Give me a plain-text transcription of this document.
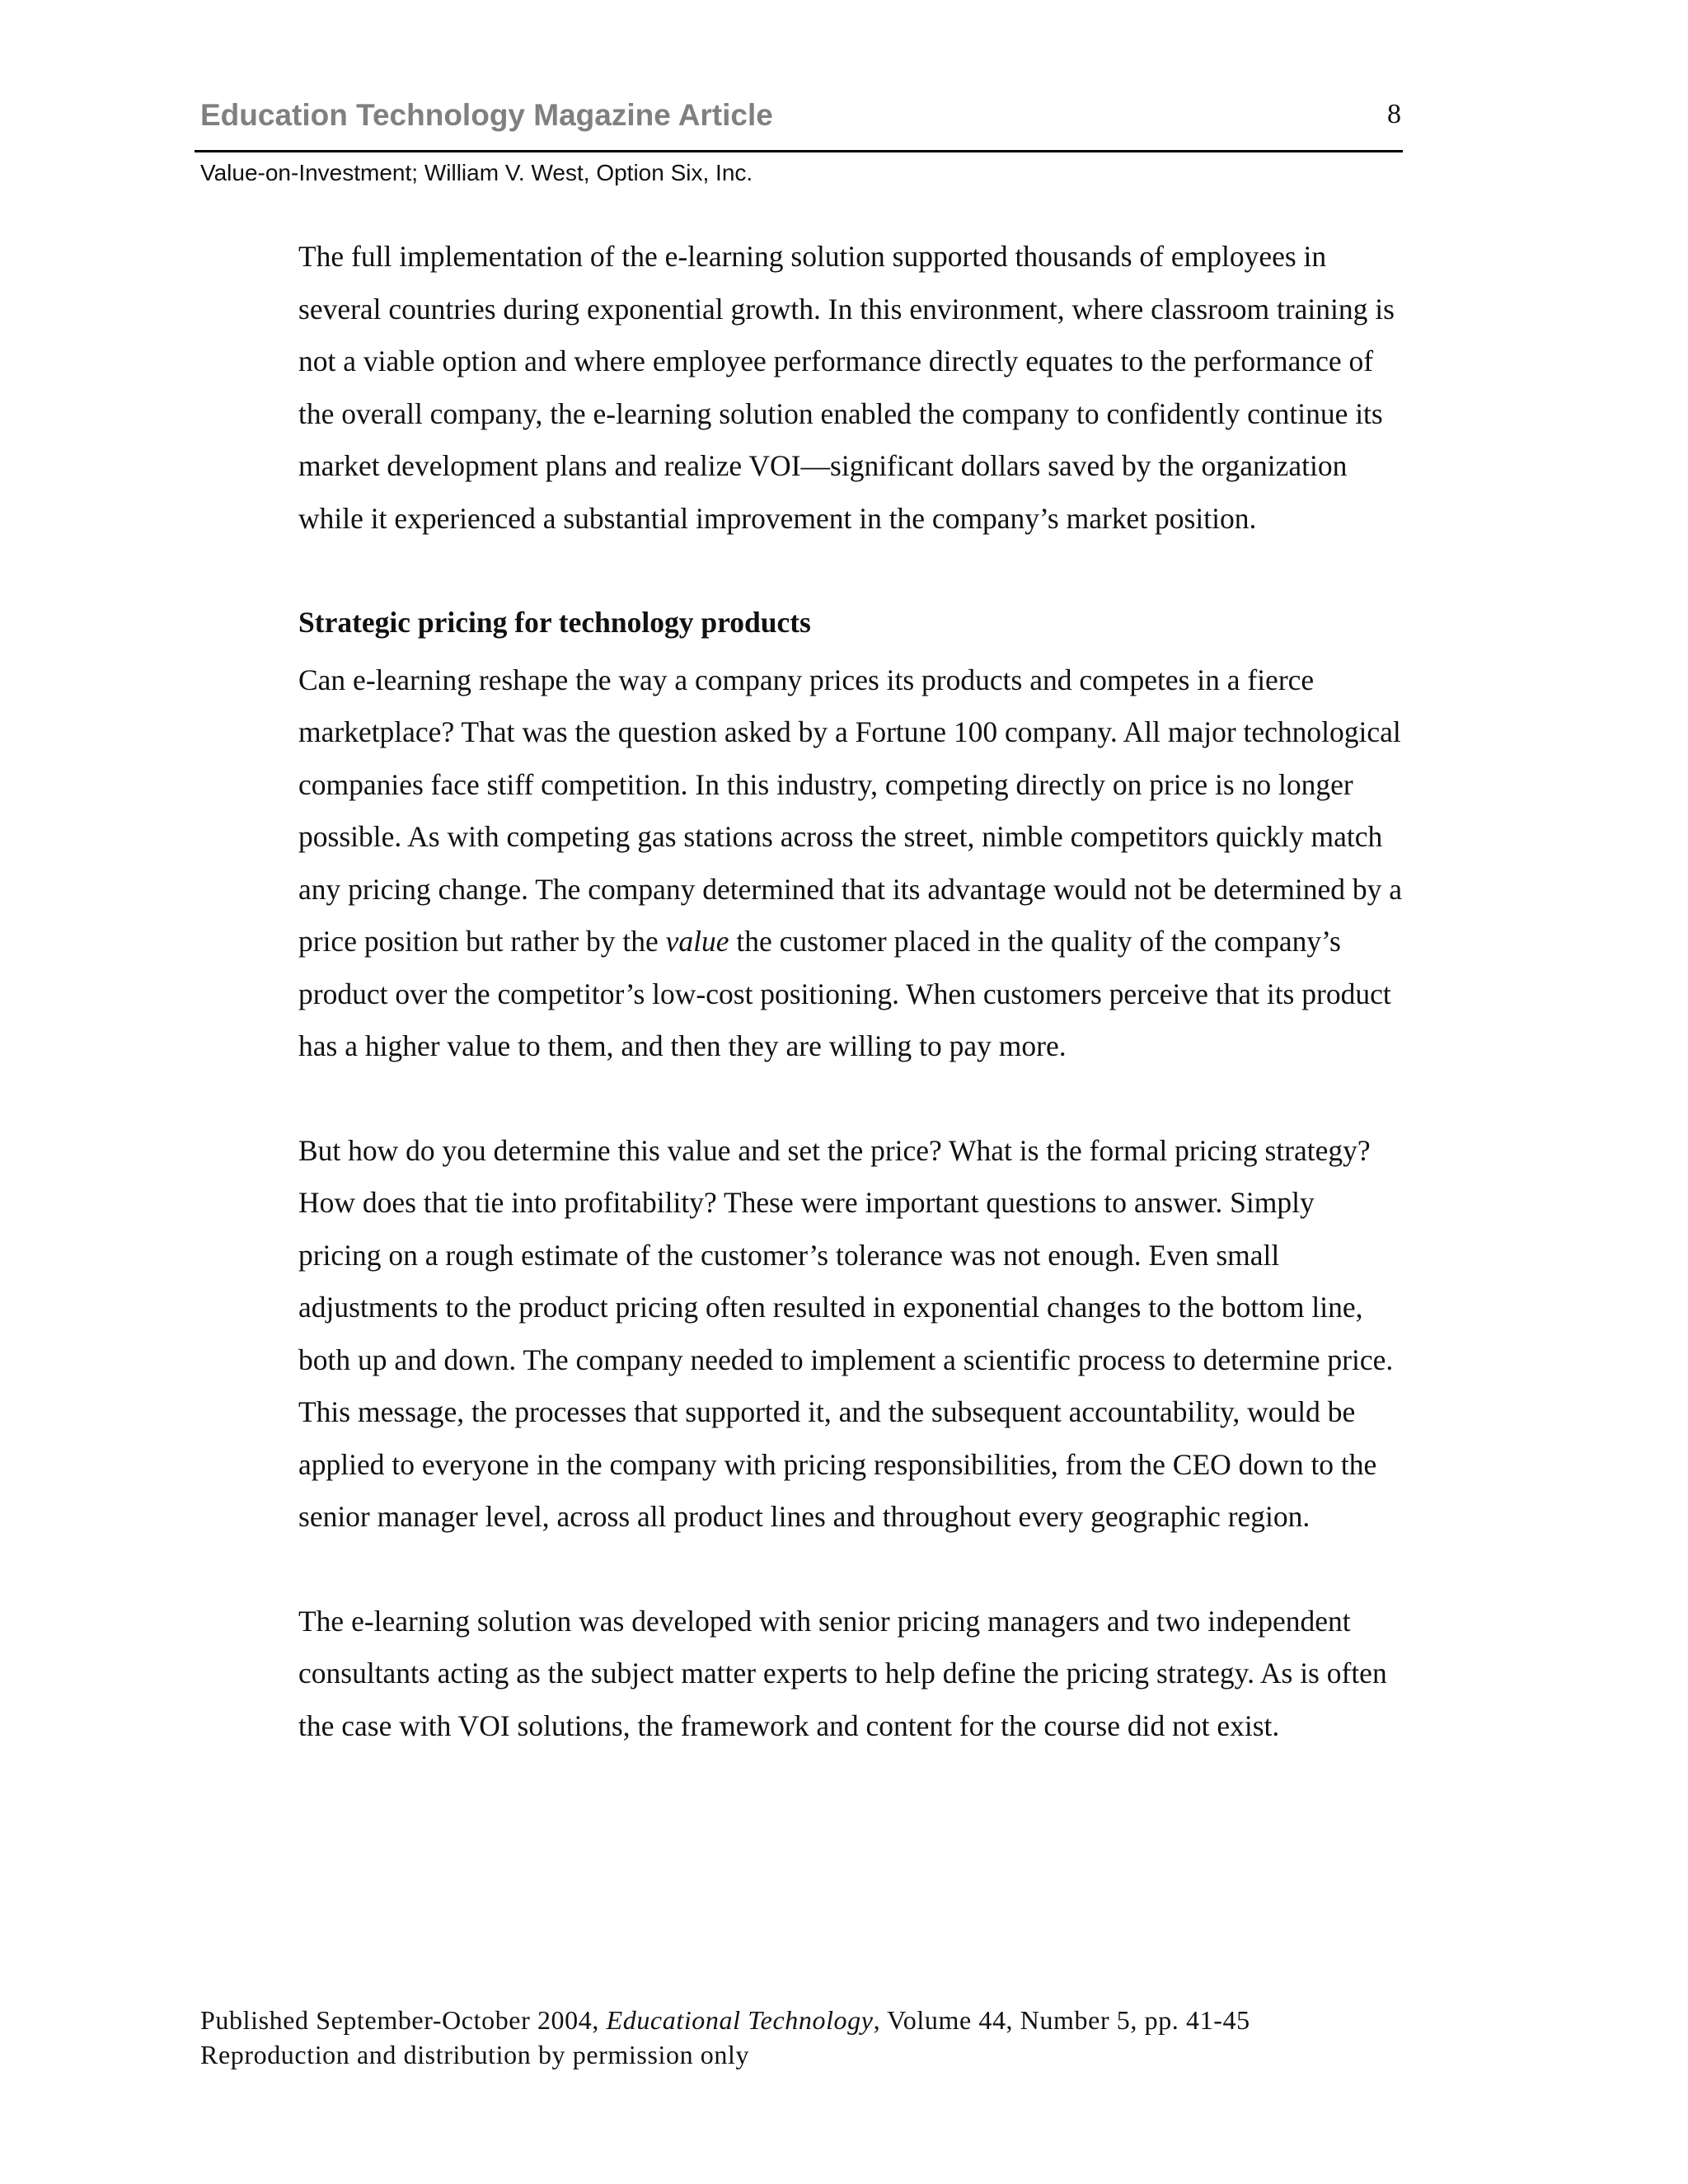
Education Technology Magazine Article	8
Value-on-Investment; William V. West, Option Six, Inc.

The full implementation of the e-learning solution supported thousands of employees in several countries during exponential growth. In this environment, where classroom training is not a viable option and where employee performance directly equates to the performance of the overall company, the e-learning solution enabled the company to confidently continue its market development plans and realize VOI—significant dollars saved by the organization while it experienced a substantial improvement in the company’s market position.

Strategic pricing for technology products

Can e-learning reshape the way a company prices its products and competes in a fierce marketplace? That was the question asked by a Fortune 100 company. All major technological companies face stiff competition. In this industry, competing directly on price is no longer possible. As with competing gas stations across the street, nimble competitors quickly match any pricing change. The company determined that its advantage would not be determined by a price position but rather by the value the customer placed in the quality of the company’s product over the competitor’s low-cost positioning. When customers perceive that its product has a higher value to them, and then they are willing to pay more.

But how do you determine this value and set the price? What is the formal pricing strategy? How does that tie into profitability? These were important questions to answer. Simply pricing on a rough estimate of the customer’s tolerance was not enough. Even small adjustments to the product pricing often resulted in exponential changes to the bottom line, both up and down. The company needed to implement a scientific process to determine price. This message, the processes that supported it, and the subsequent accountability, would be applied to everyone in the company with pricing responsibilities, from the CEO down to the senior manager level, across all product lines and throughout every geographic region.

The e-learning solution was developed with senior pricing managers and two independent consultants acting as the subject matter experts to help define the pricing strategy. As is often the case with VOI solutions, the framework and content for the course did not exist.

Published September-October 2004, Educational Technology, Volume 44, Number 5, pp. 41-45
Reproduction and distribution by permission only
